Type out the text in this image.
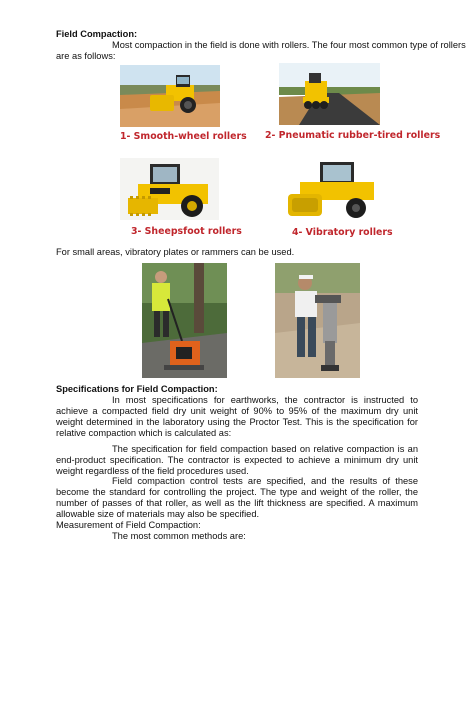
Field Compaction:

Most compaction in the field is done with rollers. The four most common type of rollers

are as follows:

1- Smooth-wheel rollers 2- Pneumatic rubber-tired rollers

3- Sheepsfoot rollers	4- Vibratory rollers

For small areas, vibratory plates or rammers can be used.

Specifications for Field Compaction:

In most specifications for earthworks, the contractor is instructed to achieve a compacted field dry unit weight of 90% to 95% of the maximum dry unit weight determined in the laboratory using the Proctor Test. This is the specification for relative compaction which is calculated as:

The specification for field compaction based on relative compaction is an end-product specification. The contractor is expected to achieve a minimum dry unit weight regardless of the field procedures used.

Field compaction control tests are specified, and the results of these become the standard for controlling the project. The type and weight of the roller, the number of passes of that roller, as well as the lift thickness are specified. A maximum allowable size of materials may also be specified.

Measurement of Field Compaction:

The most common methods are:
